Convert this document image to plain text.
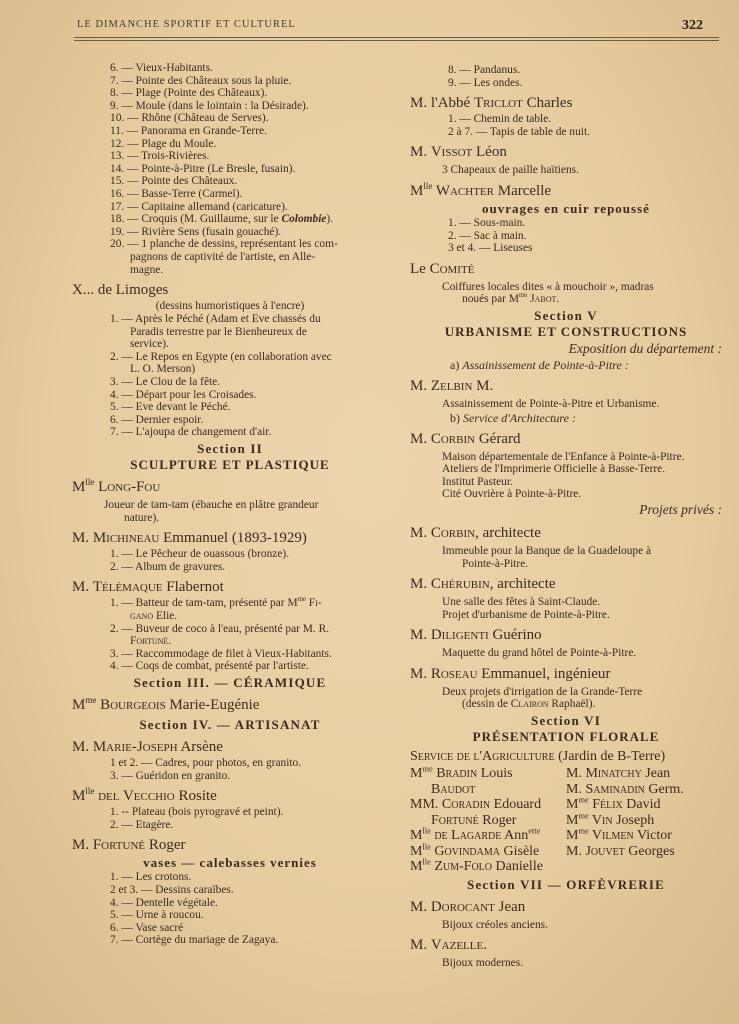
LE DIMANCHE SPORTIF ET CULTUREL	322
6. — Vieux-Habitants.
7. — Pointe des Châteaux sous la pluie.
8. — Plage (Pointe des Châteaux).
9. — Moule (dans le lointain : la Désirade).
10. — Rhône (Château de Serves).
11. — Panorama en Grande-Terre.
12. — Plage du Moule.
13. — Trois-Rivières.
14. — Pointe-à-Pitre (Le Bresle, fusain).
15. — Pointe des Châteaux.
16. — Basse-Terre (Carmel).
17. — Capitaine allemand (caricature).
18. — Croquis (M. Guillaume, sur le Colombie).
19. — Rivière Sens (fusain gouaché).
20. — 1 planche de dessins, représentant les com-
pagnons de captivité de l'artiste, en Alle-
magne.
X... de Limoges
(dessins humoristiques à l'encre)
1. — Après le Péché (Adam et Eve chassés du
Paradis terrestre par le Bienheureux de
service).
2. — Le Repos en Egypte (en collaboration avec
L. O. Merson)
3. — Le Clou de la fête.
4. — Départ pour les Croisades.
5. — Eve devant le Péché.
6. — Dernier espoir.
7. — L'ajoupa de changement d'air.
Section II
SCULPTURE ET PLASTIQUE
$M^{lle}$ Long-Fou
Joueur de tam-tam (ébauche en plâtre grandeur
nature).
M. Michineau Emmanuel (1893-1929)
1. — Le Pêcheur de ouassous (bronze).
2. — Album de gravures.
M. Télémaque Flabernot
1. — Batteur de tam-tam, présenté par $M^{me}$ Fi-
gano Elie.
2. — Buveur de coco à l'eau, présenté par M. R.
Fortuné.
3. — Raccommodage de filet à Vieux-Habitants.
4. — Coqs de combat, présenté par l'artiste.
Section III. — CÉRAMIQUE
$M^{me}$ Bourgeois Marie-Eugénie
Section IV. — ARTISANAT
M. Marie-Joseph Arsène
1 et 2. — Cadres, pour photos, en granito.
3. — Guéridon en granito.
$M^{lle}$ del Vecchio Rosite
1. -- Plateau (bois pyrogravé et peint).
2. — Etagère.
M. Fortuné Roger
vases — calebasses vernies
1. — Les crotons.
2 et 3. — Dessins caraïbes.
4. — Dentelle végétale.
5. — Urne à roucou.
6. — Vase sacré
7. — Cortège du mariage de Zagaya.
8. — Pandanus.
9. — Les ondes.
M. l'Abbé Triclot Charles
1. — Chemin de table.
2 à 7. — Tapis de table de nuit.
M. Vissot Léon
3 Chapeaux de paille haïtiens.
$M^{lle}$ Wachter Marcelle
ouvrages en cuir repoussé
1. — Sous-main.
2. — Sac à main.
3 et 4. — Liseuses
Le Comité
Coiffures locales dites « à mouchoir », madras
noués par $M^{me}$ Jabot.
Section V
URBANISME ET CONSTRUCTIONS
Exposition du département :
a) Assainissement de Pointe-à-Pitre :
M. Zelbin M.
Assainissement de Pointe-à-Pitre et Urbanisme.
b) Service d'Architecture :
M. Corbin Gérard
Maison départementale de l'Enfance à Pointe-à-Pitre.
Ateliers de l'Imprimerie Officielle à Basse-Terre.
Institut Pasteur.
Cité Ouvrière à Pointe-à-Pitre.
Projets privés :
M. Corbin, architecte
Immeuble pour la Banque de la Guadeloupe à
Pointe-à-Pitre.
M. Chérubin, architecte
Une salle des fêtes à Saint-Claude.
Projet d'urbanisme de Pointe-à-Pitre.
M. Diligenti Guérino
Maquette du grand hôtel de Pointe-à-Pitre.
M. Roseau Emmanuel, ingénieur
Deux projets d'irrigation de la Grande-Terre
(dessin de Clairon Raphaël).
Section VI
PRÉSENTATION FLORALE
Service de l'Agriculture (Jardin de B-Terre)
$M^{me}$ Bradin Louis	M. Minatchy Jean
Baudot	M. Saminadin Germ.
MM. Coradin Edouard	$M^{me}$ Félix David
Fortuné Roger	$M^{me}$ Vin Joseph
$M^{lle}$ de Lagarde Ann$^{ette}$	$M^{me}$ Vilmen Victor
$M^{lle}$ Govindama Gisèle	M. Jouvet Georges
$M^{lle}$ Zum-Folo Danielle
Section VII — ORFÈVRERIE
M. Dorocant Jean
Bijoux créoles anciens.
M. Vazelle.
Bijoux modernes.
